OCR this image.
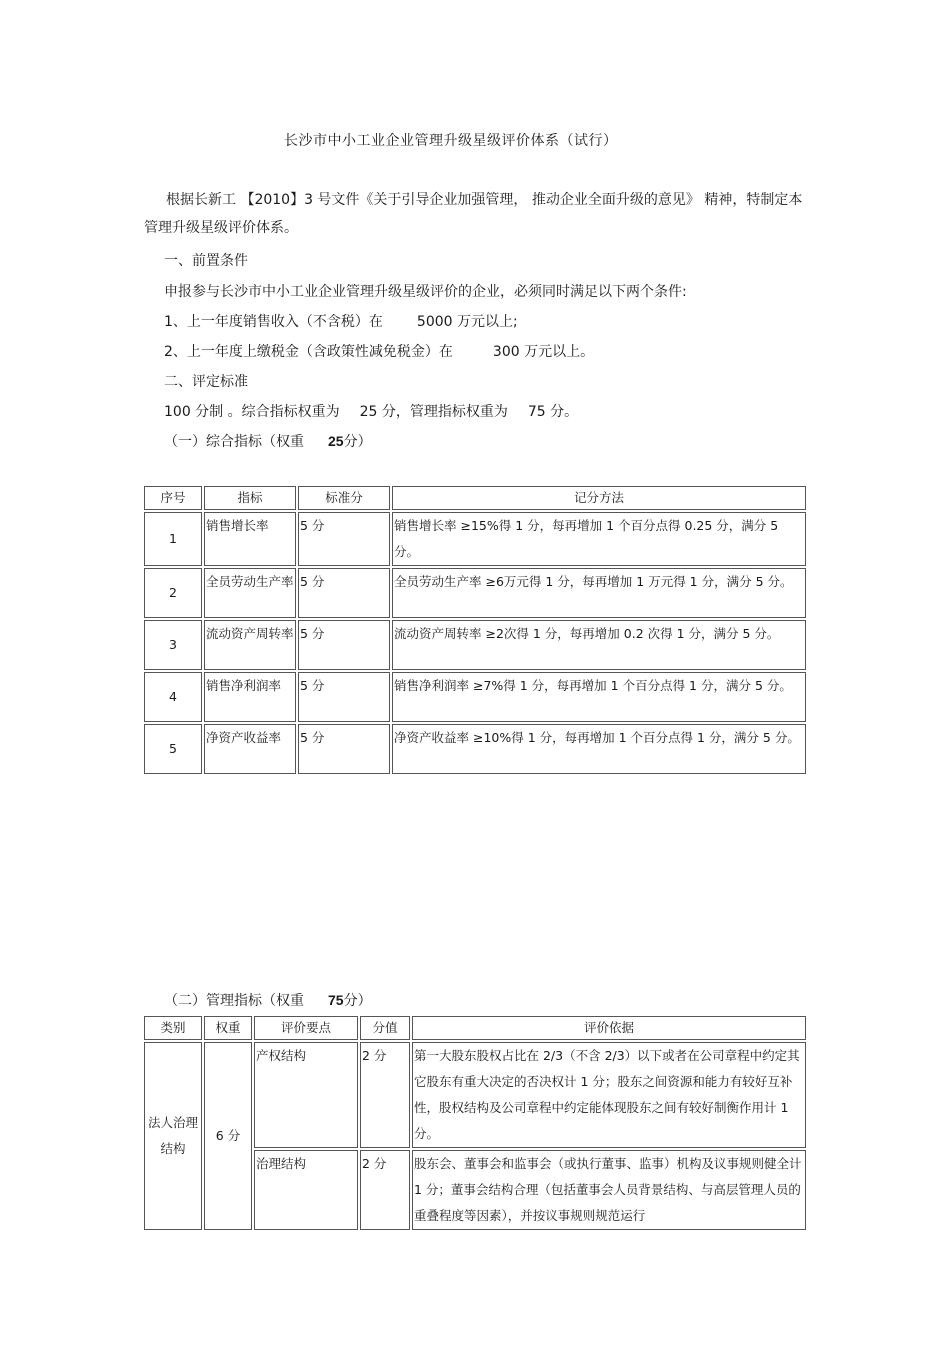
长沙市中小工业企业管理升级星级评价体系（试行）
根据长新工 【2010】3 号文件《关于引导企业加强管理， 推动企业全面升级的意见》 精神，特制定本管理升级星级评价体系。
一、前置条件
申报参与长沙市中小工业企业管理升级星级评价的企业，必须同时满足以下两个条件:
1、上一年度销售收入（不含税）在 5000 万元以上;
2、上一年度上缴税金（含政策性减免税金）在	300 万元以上。
二、评定标准
100 分制 。综合指标权重为 25 分，管理指标权重为 75 分。
（一）综合指标（权重 25分）
序号	指标	标准分	记分方法
1	销售增长率	5 分	销售增长率 ≥15%得 1 分，每再增加 1 个百分点得 0.25 分，满分 5 分。
2	全员劳动生产率	5 分	全员劳动生产率 ≥6万元得 1 分，每再增加 1 万元得 1 分，满分 5 分。
3	流动资产周转率	5 分	流动资产周转率 ≥2次得 1 分，每再增加 0.2 次得 1 分，满分 5 分。
4	销售净利润率	5 分	销售净利润率 ≥7%得 1 分，每再增加 1 个百分点得 1 分，满分 5 分。
5	净资产收益率	5 分	净资产收益率 ≥10%得 1 分，每再增加 1 个百分点得 1 分，满分 5 分。
（二）管理指标（权重 75分）
类别	权重	评价要点	分值	评价依据
法人治理结构	6 分	产权结构	2 分	第一大股东股权占比在 2/3（不含 2/3）以下或者在公司章程中约定其它股东有重大决定的否决权计 1 分；股东之间资源和能力有较好互补性，股权结构及公司章程中约定能体现股东之间有较好制衡作用计 1 分。
		治理结构	2 分	股东会、董事会和监事会（或执行董事、监事）机构及议事规则健全计 1 分；董事会结构合理（包括董事会人员背景结构、与高层管理人员的重叠程度等因素），并按议事规则规范运行
